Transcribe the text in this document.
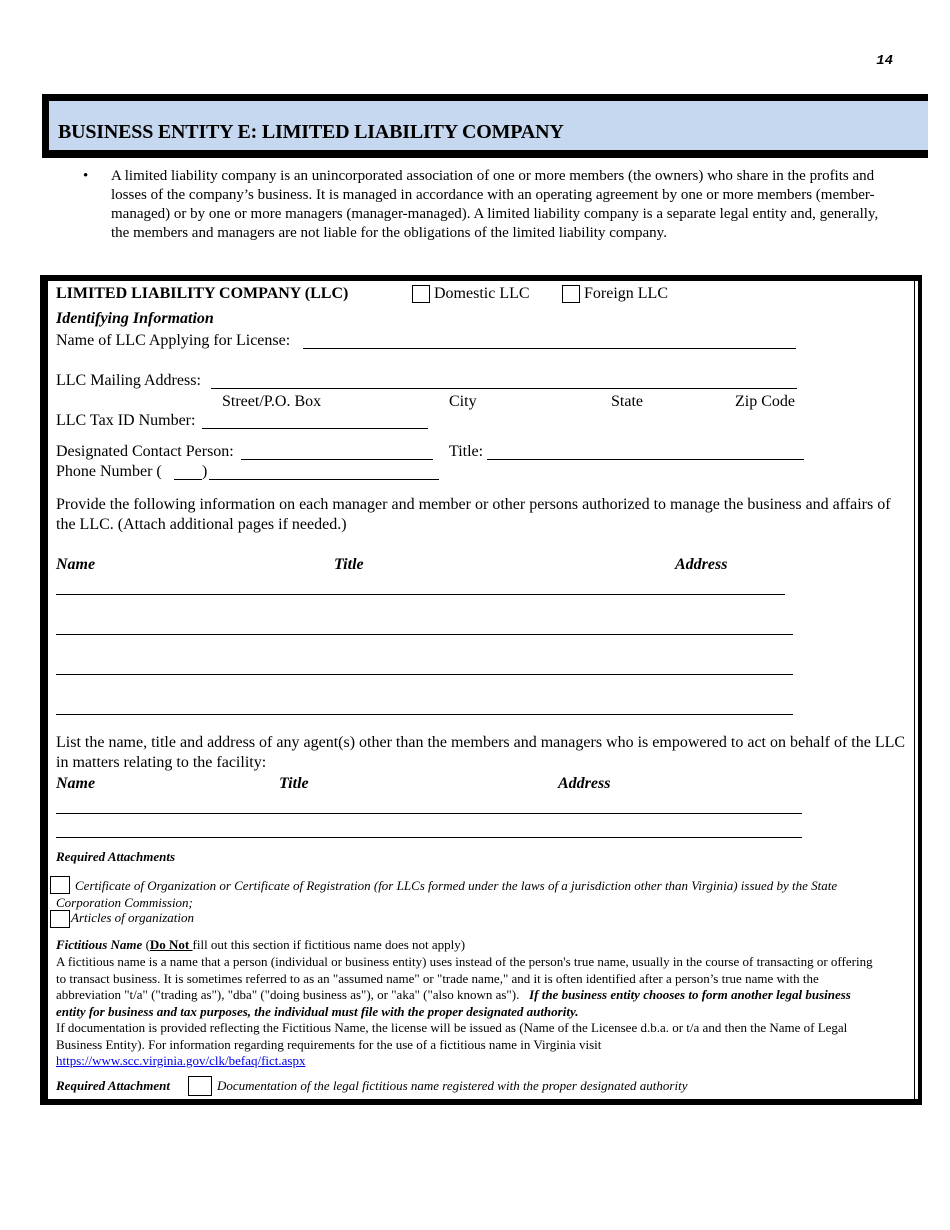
14
BUSINESS ENTITY E: LIMITED LIABILITY COMPANY
• A limited liability company is an unincorporated association of one or more members (the owners) who share in the profits and losses of the company’s business. It is managed in accordance with an operating agreement by one or more members (member-managed) or by one or more managers (manager-managed). A limited liability company is a separate legal entity and, generally, the members and managers are not liable for the obligations of the limited liability company.
LIMITED LIABILITY COMPANY (LLC)	Domestic LLC	Foreign LLC
Identifying Information
Name of LLC Applying for License:
LLC Mailing Address:
Street/P.O. Box	City	State	Zip Code
LLC Tax ID Number:
Designated Contact Person:	Title:
Phone Number (	)
Provide the following information on each manager and member or other persons authorized to manage the business and affairs of the LLC. (Attach additional pages if needed.)
Name	Title	Address
List the name, title and address of any agent(s) other than the members and managers who is empowered to act on behalf of the LLC in matters relating to the facility:
Name	Title	Address
Required Attachments
Certificate of Organization or Certificate of Registration (for LLCs formed under the laws of a jurisdiction other than Virginia) issued by the State Corporation Commission;
Articles of organization
Fictitious Name (Do Not fill out this section if fictitious name does not apply)
A fictitious name is a name that a person (individual or business entity) uses instead of the person's true name, usually in the course of transacting or offering to transact business. It is sometimes referred to as an "assumed name" or "trade name," and it is often identified after a person’s true name with the abbreviation "t/a" ("trading as"), "dba" ("doing business as"), or "aka" ("also known as"). If the business entity chooses to form another legal business entity for business and tax purposes, the individual must file with the proper designated authority.
If documentation is provided reflecting the Fictitious Name, the license will be issued as (Name of the Licensee d.b.a. or t/a and then the Name of Legal Business Entity). For information regarding requirements for the use of a fictitious name in Virginia visit
https://www.scc.virginia.gov/clk/befaq/fict.aspx
Required Attachment	Documentation of the legal fictitious name registered with the proper designated authority
